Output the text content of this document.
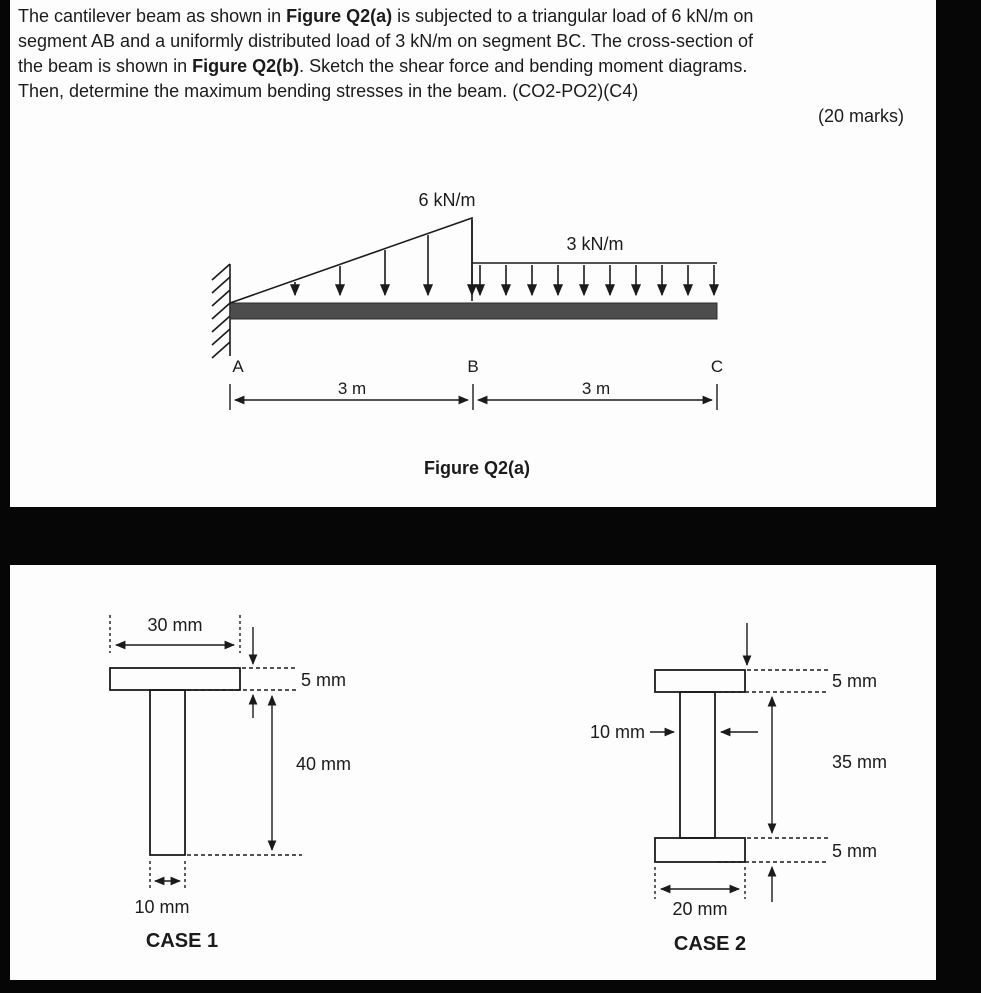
The cantilever beam as shown in Figure Q2(a) is subjected to a triangular load of 6 kN/m on
segment AB and a uniformly distributed load of 3 kN/m on segment BC. The cross-section of
the beam is shown in Figure Q2(b). Sketch the shear force and bending moment diagrams.
Then, determine the maximum bending stresses in the beam. (CO2-PO2)(C4)
(20 marks)
6 kN/m
3 kN/m
A	B	C
3 m	3 m
Figure Q2(a)
30 mm
5 mm
40 mm
10 mm
CASE 1
10 mm
5 mm
35 mm
5 mm
20 mm
CASE 2
